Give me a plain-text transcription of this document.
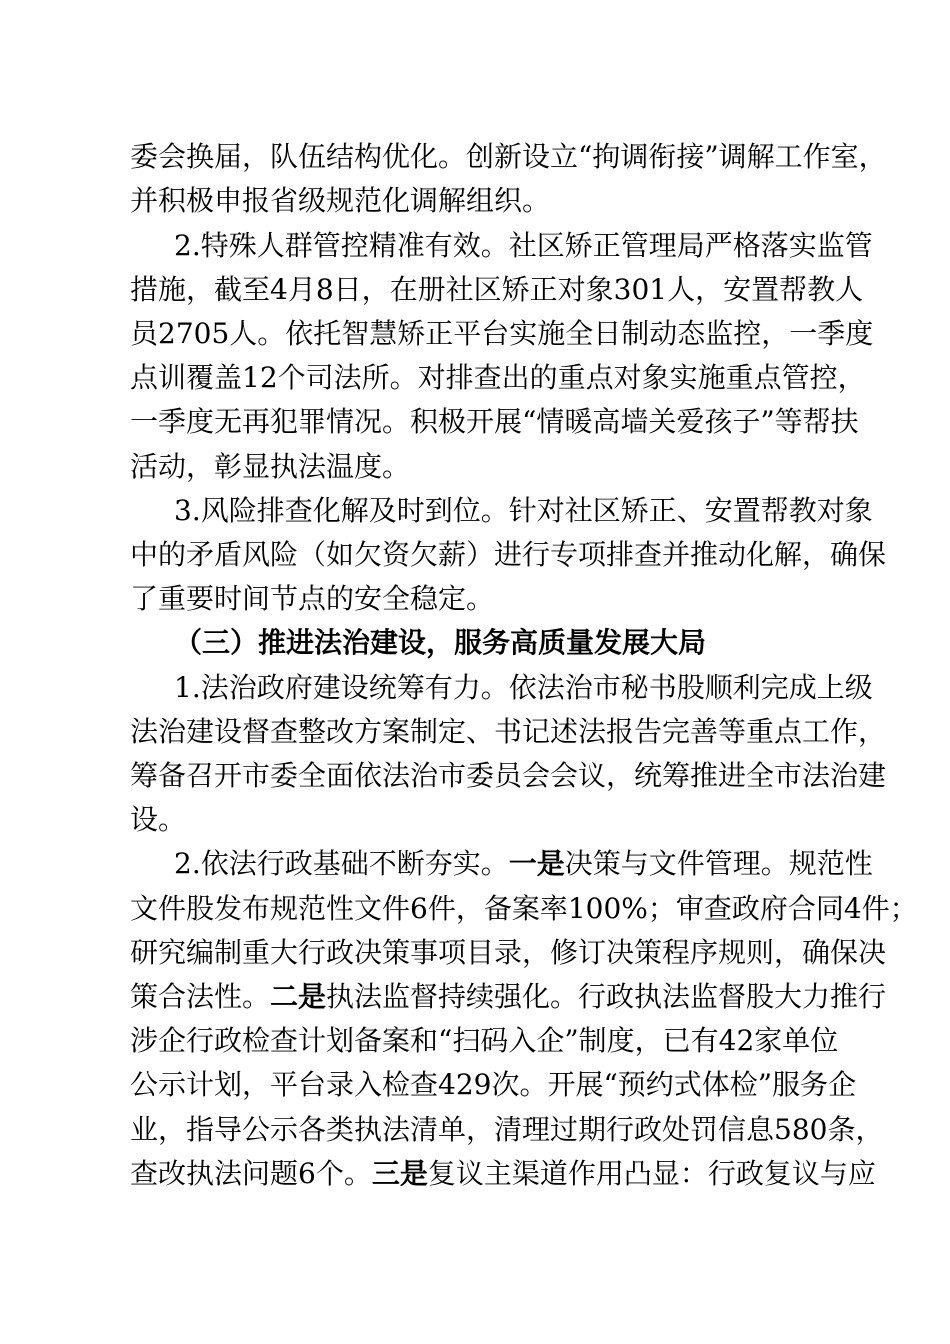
委会换届，队伍结构优化。创新设立“拘调衔接”调解工作室，
并积极申报省级规范化调解组织。
2.特殊人群管控精准有效。社区矫正管理局严格落实监管
措施，截至4月8日，在册社区矫正对象301人，安置帮教人
员2705人。依托智慧矫正平台实施全日制动态监控，一季度
点训覆盖12个司法所。对排查出的重点对象实施重点管控，
一季度无再犯罪情况。积极开展“情暖高墙关爱孩子”等帮扶
活动，彰显执法温度。
3.风险排查化解及时到位。针对社区矫正、安置帮教对象
中的矛盾风险（如欠资欠薪）进行专项排查并推动化解，确保
了重要时间节点的安全稳定。
（三）推进法治建设，服务高质量发展大局
1.法治政府建设统筹有力。依法治市秘书股顺利完成上级
法治建设督查整改方案制定、书记述法报告完善等重点工作，
筹备召开市委全面依法治市委员会会议，统筹推进全市法治建
设。
2.依法行政基础不断夯实。一是决策与文件管理。规范性
文件股发布规范性文件6件，备案率100%；审查政府合同4件；
研究编制重大行政决策事项目录，修订决策程序规则，确保决
策合法性。二是执法监督持续强化。行政执法监督股大力推行
涉企行政检查计划备案和“扫码入企”制度，已有42家单位
公示计划，平台录入检查429次。开展“预约式体检”服务企
业，指导公示各类执法清单，清理过期行政处罚信息580条，
查改执法问题6个。三是复议主渠道作用凸显：行政复议与应
